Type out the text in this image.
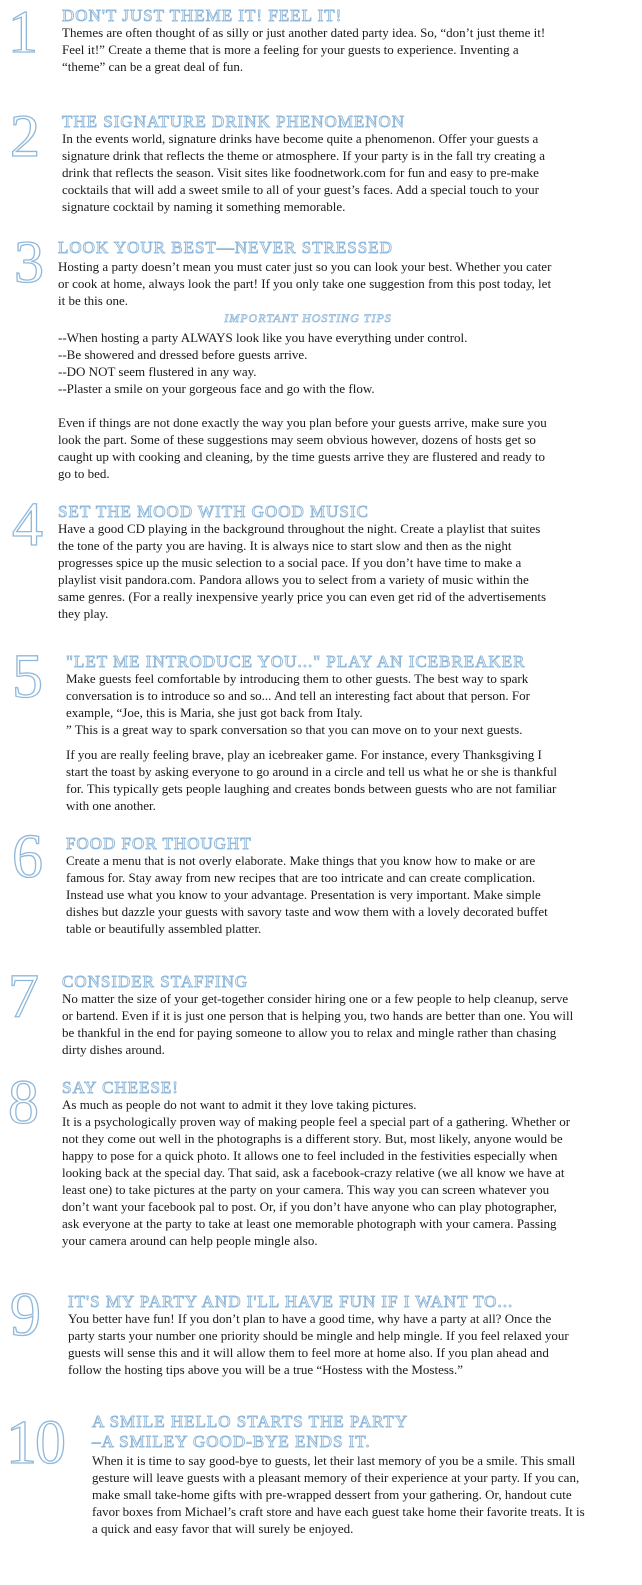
1 DON'T JUST THEME IT! FEEL IT!

Themes are often thought of as silly or just another dated party idea. So, “don’t just theme it! Feel it!” Create a theme that is more a feeling for your guests to experience. Inventing a “theme” can be a great deal of fun.

2 THE SIGNATURE DRINK PHENOMENON

In the events world, signature drinks have become quite a phenomenon. Offer your guests a signature drink that reflects the theme or atmosphere. If your party is in the fall try creating a drink that reflects the season. Visit sites like foodnetwork.com for fun and easy to pre-make cocktails that will add a sweet smile to all of your guest’s faces. Add a special touch to your signature cocktail by naming it something memorable.

3 LOOK YOUR BEST—NEVER STRESSED

Hosting a party doesn’t mean you must cater just so you can look your best. Whether you cater or cook at home, always look the part! If you only take one suggestion from this post today, let it be this one.

IMPORTANT HOSTING TIPS

--When hosting a party ALWAYS look like you have everything under control.

--Be showered and dressed before guests arrive.

--DO NOT seem flustered in any way.

--Plaster a smile on your gorgeous face and go with the flow.

Even if things are not done exactly the way you plan before your guests arrive, make sure you look the part. Some of these suggestions may seem obvious however, dozens of hosts get so caught up with cooking and cleaning, by the time guests arrive they are flustered and ready to go to bed.

4 SET THE MOOD WITH GOOD MUSIC

Have a good CD playing in the background throughout the night. Create a playlist that suites the tone of the party you are having. It is always nice to start slow and then as the night progresses spice up the music selection to a social pace. If you don’t have time to make a playlist visit pandora.com. Pandora allows you to select from a variety of music within the same genres. (For a really inexpensive yearly price you can even get rid of the advertisements they play.

5 "LET ME INTRODUCE YOU..." PLAY AN ICEBREAKER

Make guests feel comfortable by introducing them to other guests. The best way to spark conversation is to introduce so and so... And tell an interesting fact about that person. For example, “Joe, this is Maria, she just got back from Italy.

” This is a great way to spark conversation so that you can move on to your next guests.

If you are really feeling brave, play an icebreaker game. For instance, every Thanksgiving I start the toast by asking everyone to go around in a circle and tell us what he or she is thankful for. This typically gets people laughing and creates bonds between guests who are not familiar with one another.

6 FOOD FOR THOUGHT

Create a menu that is not overly elaborate. Make things that you know how to make or are famous for. Stay away from new recipes that are too intricate and can create complication. Instead use what you know to your advantage. Presentation is very important. Make simple dishes but dazzle your guests with savory taste and wow them with a lovely decorated buffet table or beautifully assembled platter.

7 CONSIDER STAFFING

No matter the size of your get-together consider hiring one or a few people to help cleanup, serve or bartend. Even if it is just one person that is helping you, two hands are better than one. You will be thankful in the end for paying someone to allow you to relax and mingle rather than chasing dirty dishes around.

8 SAY CHEESE!

As much as people do not want to admit it they love taking pictures.

It is a psychologically proven way of making people feel a special part of a gathering. Whether or not they come out well in the photographs is a different story. But, most likely, anyone would be happy to pose for a quick photo. It allows one to feel included in the festivities especially when looking back at the special day. That said, ask a facebook-crazy relative (we all know we have at least one) to take pictures at the party on your camera. This way you can screen whatever you don’t want your facebook pal to post. Or, if you don’t have anyone who can play photographer, ask everyone at the party to take at least one memorable photograph with your camera. Passing your camera around can help people mingle also.

9 IT'S MY PARTY AND I'LL HAVE FUN IF I WANT TO...

You better have fun! If you don’t plan to have a good time, why have a party at all? Once the party starts your number one priority should be mingle and help mingle. If you feel relaxed your guests will sense this and it will allow them to feel more at home also. If you plan ahead and follow the hosting tips above you will be a true “Hostess with the Mostess.”

10 A SMILE HELLO STARTS THE PARTY
–A SMILEY GOOD-BYE ENDS IT.

When it is time to say good-bye to guests, let their last memory of you be a smile. This small gesture will leave guests with a pleasant memory of their experience at your party. If you can, make small take-home gifts with pre-wrapped dessert from your gathering. Or, handout cute favor boxes from Michael’s craft store and have each guest take home their favorite treats. It is a quick and easy favor that will surely be enjoyed.
